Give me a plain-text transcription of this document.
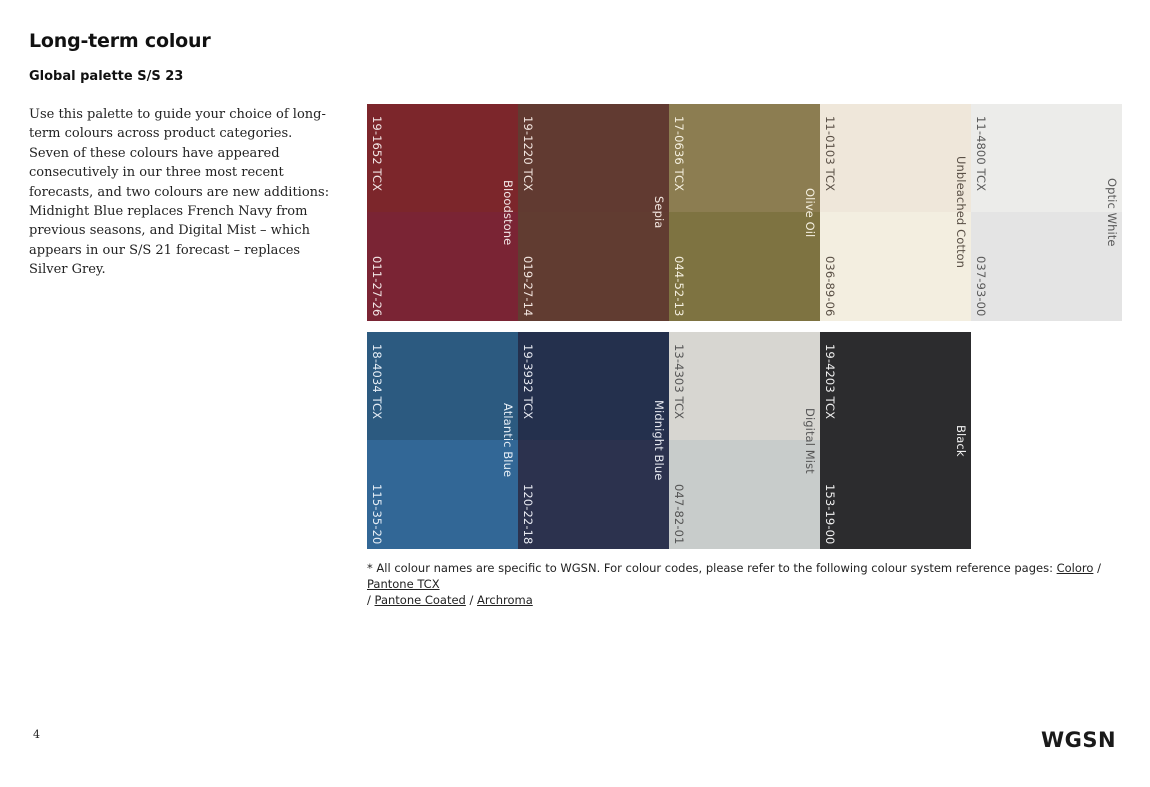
Long-term colour
Global palette S/S 23
Use this palette to guide your choice of long-term colours across product categories. Seven of these colours have appeared consecutively in our three most recent forecasts, and two colours are new additions: Midnight Blue replaces French Navy from previous seasons, and Digital Mist – which appears in our S/S 21 forecast – replaces Silver Grey.
19-1652 TCX
011-27-26
Bloodstone
19-1220 TCX
019-27-14
Sepia
17-0636 TCX
044-52-13
Olive Oil
11-0103 TCX
036-89-06
Unbleached Cotton
11-4800 TCX
037-93-00
Optic White
18-4034 TCX
115-35-20
Atlantic Blue
19-3932 TCX
120-22-18
Midnight Blue
13-4303 TCX
047-82-01
Digital Mist
19-4203 TCX
153-19-00
Black
* All colour names are specific to WGSN. For colour codes, please refer to the following colour system reference pages: Coloro / Pantone TCX
/ Pantone Coated / Archroma
4	WGSN
